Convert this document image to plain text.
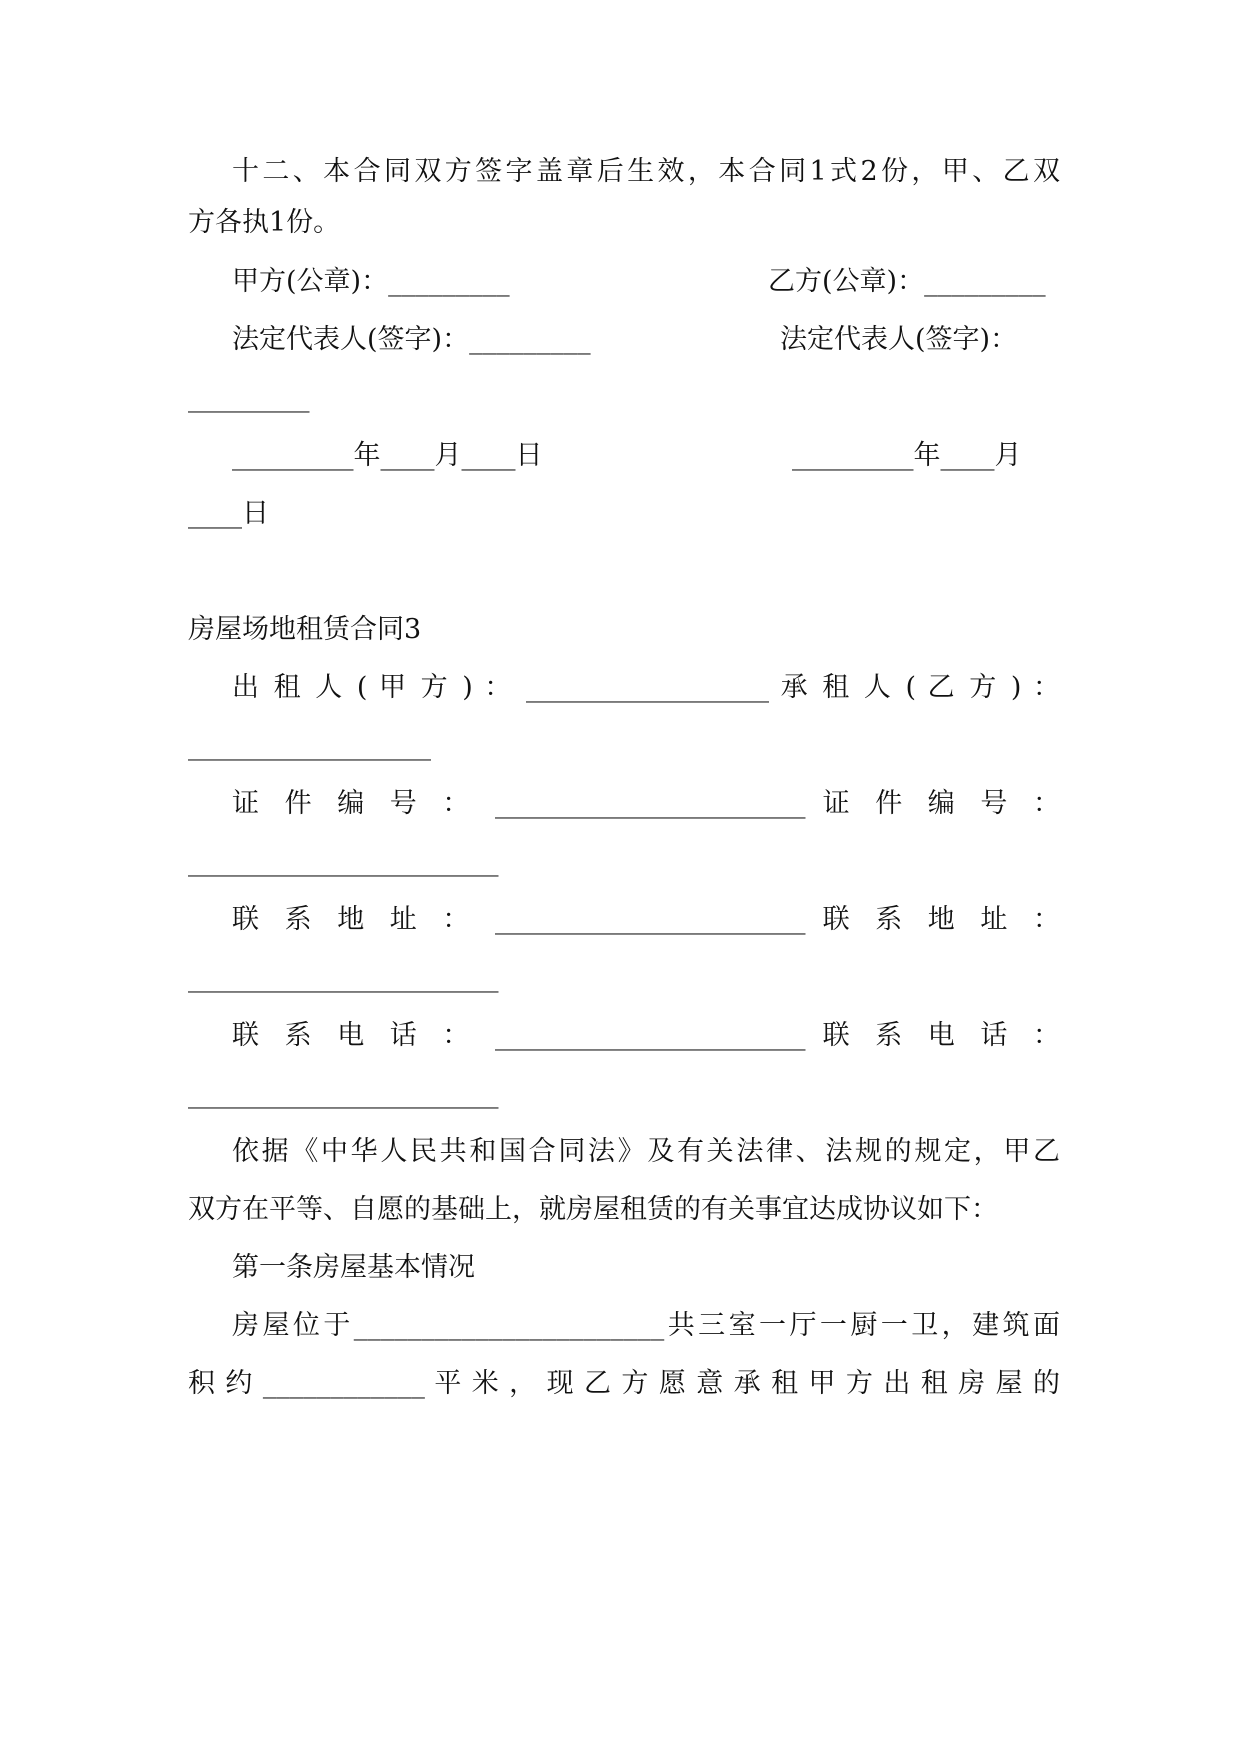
十二、本合同双方签字盖章后生效，本合同1式2份，甲、乙双
方各执1份。
甲方(公章)：_________	乙方(公章)：_________
法定代表人(签字)：_________	法定代表人(签字)：
_________
_________年____月____日	_________年____月
____日
房屋场地租赁合同3
出 租 人 ( 甲 方 ) ： __________________ 承 租 人 ( 乙 方 ) ：
__________________
证 件 编 号 ： _______________________ 证 件 编 号 ：
_______________________
联 系 地 址 ： _______________________ 联 系 地 址 ：
_______________________
联 系 电 话 ： _______________________ 联 系 电 话 ：
_______________________
依据《中华人民共和国合同法》及有关法律、法规的规定，甲乙
双方在平等、自愿的基础上，就房屋租赁的有关事宜达成协议如下：
第一条房屋基本情况
房屋位于_______________________共三室一厅一厨一卫，建筑面
积 约 ____________ 平 米 ， 现 乙 方 愿 意 承 租 甲 方 出 租 房 屋 的
